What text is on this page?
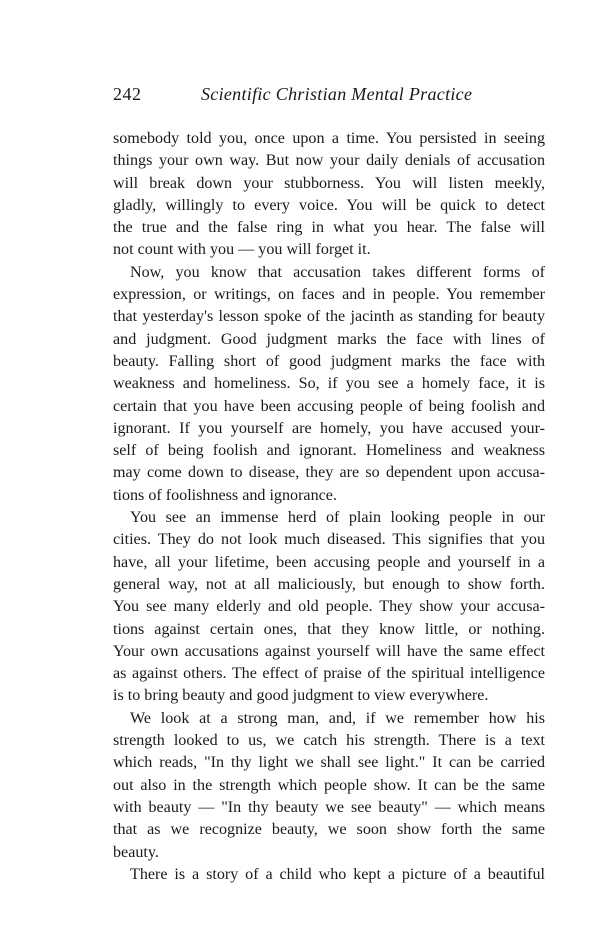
242	Scientific Christian Mental Practice
somebody told you, once upon a time. You persisted in seeing
things your own way. But now your daily denials of accusation
will break down your stubborness. You will listen meekly,
gladly, willingly to every voice. You will be quick to detect
the true and the false ring in what you hear. The false will
not count with you — you will forget it.
Now, you know that accusation takes different forms of
expression, or writings, on faces and in people. You remember
that yesterday's lesson spoke of the jacinth as standing for beauty
and judgment. Good judgment marks the face with lines of
beauty. Falling short of good judgment marks the face with
weakness and homeliness. So, if you see a homely face, it is
certain that you have been accusing people of being foolish and
ignorant. If you yourself are homely, you have accused your-
self of being foolish and ignorant. Homeliness and weakness
may come down to disease, they are so dependent upon accusa-
tions of foolishness and ignorance.
You see an immense herd of plain looking people in our
cities. They do not look much diseased. This signifies that you
have, all your lifetime, been accusing people and yourself in a
general way, not at all maliciously, but enough to show forth.
You see many elderly and old people. They show your accusa-
tions against certain ones, that they know little, or nothing.
Your own accusations against yourself will have the same effect
as against others. The effect of praise of the spiritual intelligence
is to bring beauty and good judgment to view everywhere.
We look at a strong man, and, if we remember how his
strength looked to us, we catch his strength. There is a text
which reads, "In thy light we shall see light." It can be carried
out also in the strength which people show. It can be the same
with beauty — "In thy beauty we see beauty" — which means
that as we recognize beauty, we soon show forth the same
beauty.
There is a story of a child who kept a picture of a beautiful
